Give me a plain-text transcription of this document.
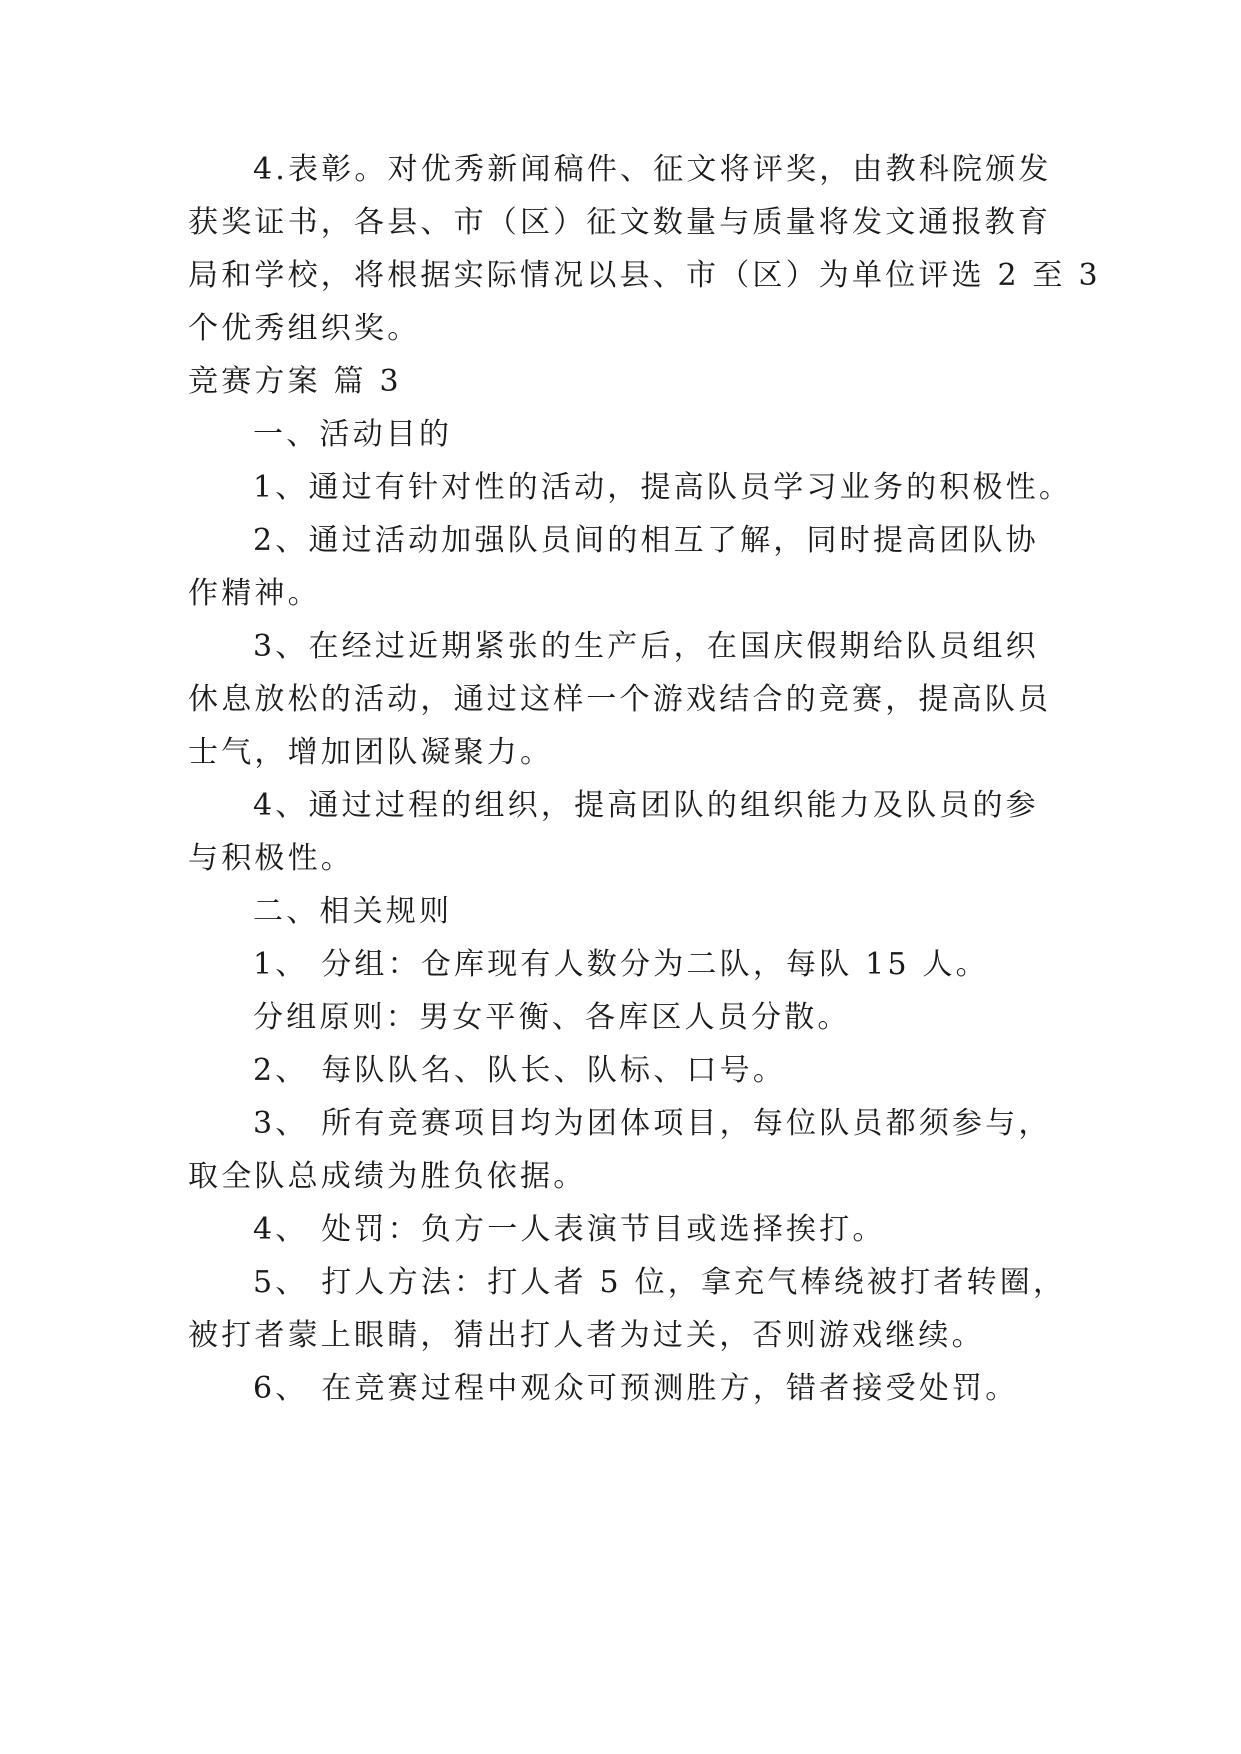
4.表彰。对优秀新闻稿件、征文将评奖，由教科院颁发
获奖证书，各县、市（区）征文数量与质量将发文通报教育
局和学校，将根据实际情况以县、市（区）为单位评选 2 至 3
个优秀组织奖。
竞赛方案 篇 3
一、活动目的
1、通过有针对性的活动，提高队员学习业务的积极性。
2、通过活动加强队员间的相互了解，同时提高团队协
作精神。
3、在经过近期紧张的生产后，在国庆假期给队员组织
休息放松的活动，通过这样一个游戏结合的竞赛，提高队员
士气，增加团队凝聚力。
4、通过过程的组织，提高团队的组织能力及队员的参
与积极性。
二、相关规则
1、 分组：仓库现有人数分为二队，每队 15 人。
分组原则：男女平衡、各库区人员分散。
2、 每队队名、队长、队标、口号。
3、 所有竞赛项目均为团体项目，每位队员都须参与，
取全队总成绩为胜负依据。
4、 处罚：负方一人表演节目或选择挨打。
5、 打人方法：打人者 5 位，拿充气棒绕被打者转圈，
被打者蒙上眼睛，猜出打人者为过关，否则游戏继续。
6、 在竞赛过程中观众可预测胜方，错者接受处罚。
